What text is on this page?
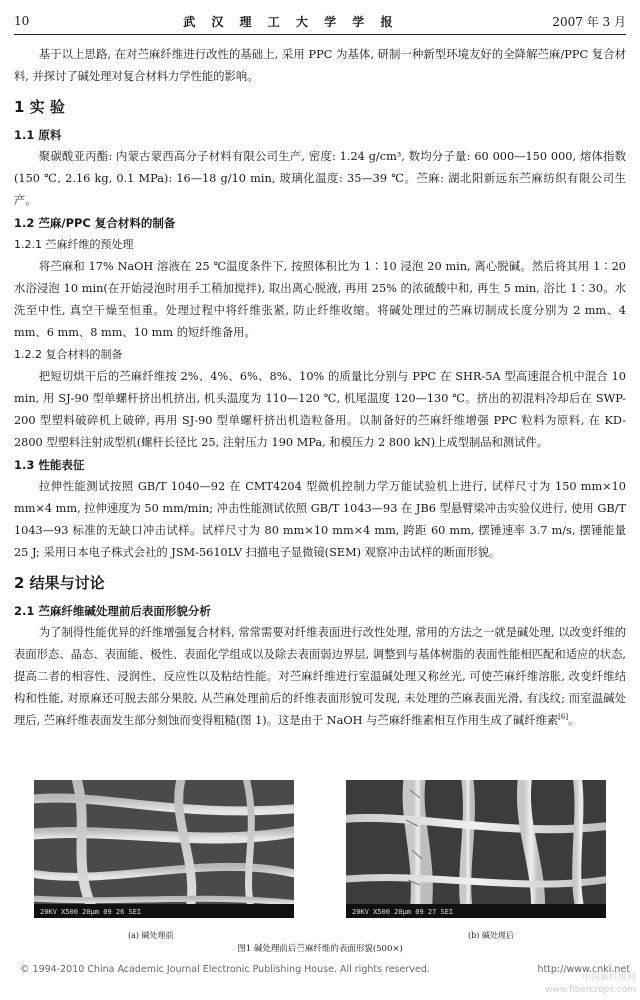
10	武 汉 理 工 大 学 学 报	2007 年 3 月

基于以上思路, 在对苎麻纤维进行改性的基础上, 采用 PPC 为基体, 研制一种新型环境友好的全降解苎麻/PPC 复合材料, 并探讨了碱处理对复合材料力学性能的影响。

1 实 验
1.1 原料

聚碳酸亚丙酯: 内蒙古蒙西高分子材料有限公司生产, 密度: 1.24 g/cm³, 数均分子量: 60 000—150 000, 熔体指数(150 ℃, 2.16 kg, 0.1 MPa): 16—18 g/10 min, 玻璃化温度: 35—39 ℃。苎麻: 湖北阳新远东苎麻纺织有限公司生产。

1.2 苎麻/PPC 复合材料的制备
1.2.1 苎麻纤维的预处理

将苎麻和 17% NaOH 溶液在 25 ℃温度条件下, 按照体积比为 1∶10 浸泡 20 min, 离心脱碱。然后将其用 1∶20 水浴浸泡 10 min(在开始浸泡时用手工稍加搅拌), 取出离心脱液, 再用 25% 的浓硫酸中和, 再生 5 min, 浴比 1∶30。水洗至中性, 真空干燥至恒重。处理过程中将纤维张紧, 防止纤维收缩。将碱处理过的苎麻切制成长度分别为 2 mm、4 mm、6 mm、8 mm、10 mm 的短纤维备用。

1.2.2 复合材料的制备

把短切烘干后的苎麻纤维按 2%、4%、6%、8%、10% 的质量比分别与 PPC 在 SHR-5A 型高速混合机中混合 10 min, 用 SJ-90 型单螺杆挤出机挤出, 机头温度为 110—120 ℃, 机尾温度 120—130 ℃。挤出的初混料冷却后在 SWP-200 型塑料破碎机上破碎, 再用 SJ-90 型单螺杆挤出机造粒备用。以制备好的苎麻纤维增强 PPC 粒料为原料, 在 KD-2800 型塑料注射成型机(螺杆长径比 25, 注射压力 190 MPa, 和模压力 2 800 kN)上成型制品和测试件。

1.3 性能表征

拉伸性能测试按照 GB/T 1040—92 在 CMT4204 型微机控制力学万能试验机上进行, 试样尺寸为 150 mm×10 mm×4 mm, 拉伸速度为 50 mm/min; 冲击性能测试依照 GB/T 1043—93 在 JB6 型悬臂梁冲击实验仪进行, 使用 GB/T 1043—93 标准的无缺口冲击试样。试样尺寸为 80 mm×10 mm×4 mm, 跨距 60 mm, 摆锤速率 3.7 m/s, 摆锤能量 25 J; 采用日本电子株式会社的 JSM-5610LV 扫描电子显微镜(SEM) 观察冲击试样的断面形貌。

2 结果与讨论
2.1 苎麻纤维碱处理前后表面形貌分析

为了制得性能优异的纤维增强复合材料, 常常需要对纤维表面进行改性处理, 常用的方法之一就是碱处理, 以改变纤维的表面形态、晶态、表面能、极性、表面化学组成以及除去表面弱边界层, 调整到与基体树脂的表面性能相匹配和适应的状态, 提高二者的相容性、浸润性、反应性以及粘结性能。对苎麻纤维进行室温碱处理又称丝光, 可使苎麻纤维溶胀, 改变纤维结构和性能, 对原麻还可脱去部分果胶, 从苎麻处理前后的纤维表面形貌可发现, 未处理的苎麻表面光滑, 有浅纹; 而室温碱处理后, 苎麻纤维表面发生部分刻蚀而变得粗糙(图 1)。这是由于 NaOH 与苎麻纤维素相互作用生成了碱纤维素[6]。

20KV X500 20μm 09 26 SEI	20KV X500 20μm 09 27 SEI
(a) 碱处理前	(b) 碱处理后
图1 碱处理前后苎麻纤维的表面形貌(500×)
© 1994-2010 China Academic Journal Electronic Publishing House. All rights reserved.	http://www.cnki.net
中国麻纤维网
www.fibercrops.com
